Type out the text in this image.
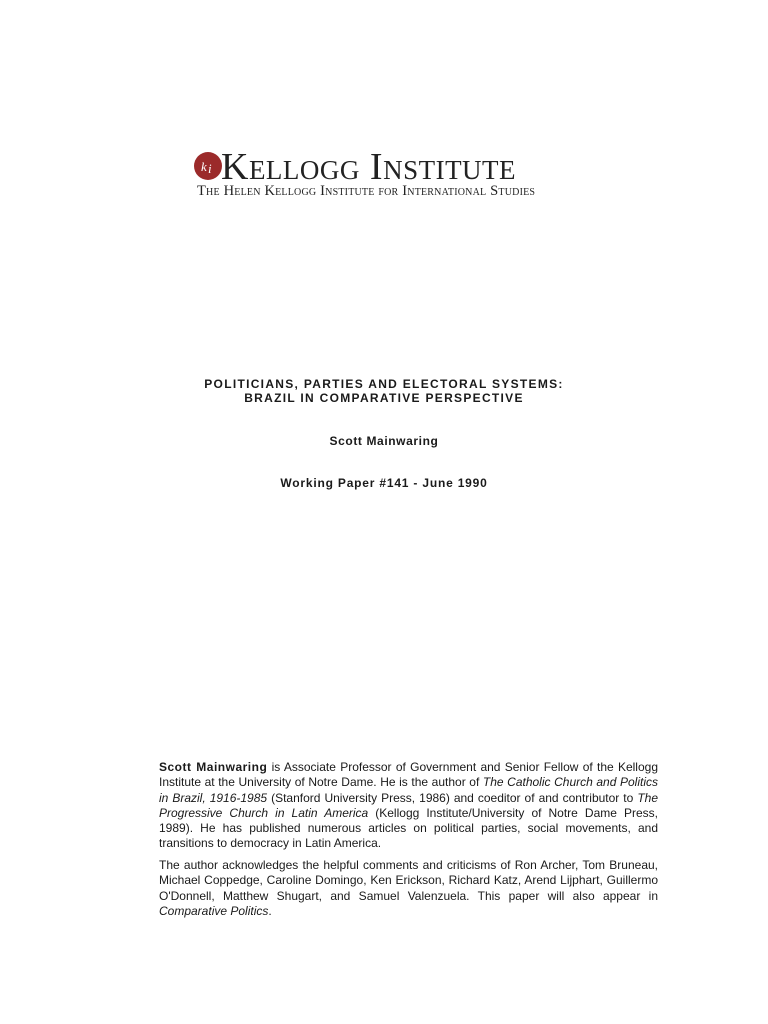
k i Kellogg Institute
The Helen Kellogg Institute for International Studies
POLITICIANS, PARTIES AND ELECTORAL SYSTEMS:
BRAZIL IN COMPARATIVE PERSPECTIVE
Scott Mainwaring
Working Paper #141 - June 1990

Scott Mainwaring is Associate Professor of Government and Senior Fellow of the Kellogg Institute at the University of Notre Dame. He is the author of The Catholic Church and Politics in Brazil, 1916-1985 (Stanford University Press, 1986) and coeditor of and contributor to The Progressive Church in Latin America (Kellogg Institute/University of Notre Dame Press, 1989). He has published numerous articles on political parties, social movements, and transitions to democracy in Latin America.

The author acknowledges the helpful comments and criticisms of Ron Archer, Tom Bruneau, Michael Coppedge, Caroline Domingo, Ken Erickson, Richard Katz, Arend Lijphart, Guillermo O'Donnell, Matthew Shugart, and Samuel Valenzuela. This paper will also appear in Comparative Politics.
